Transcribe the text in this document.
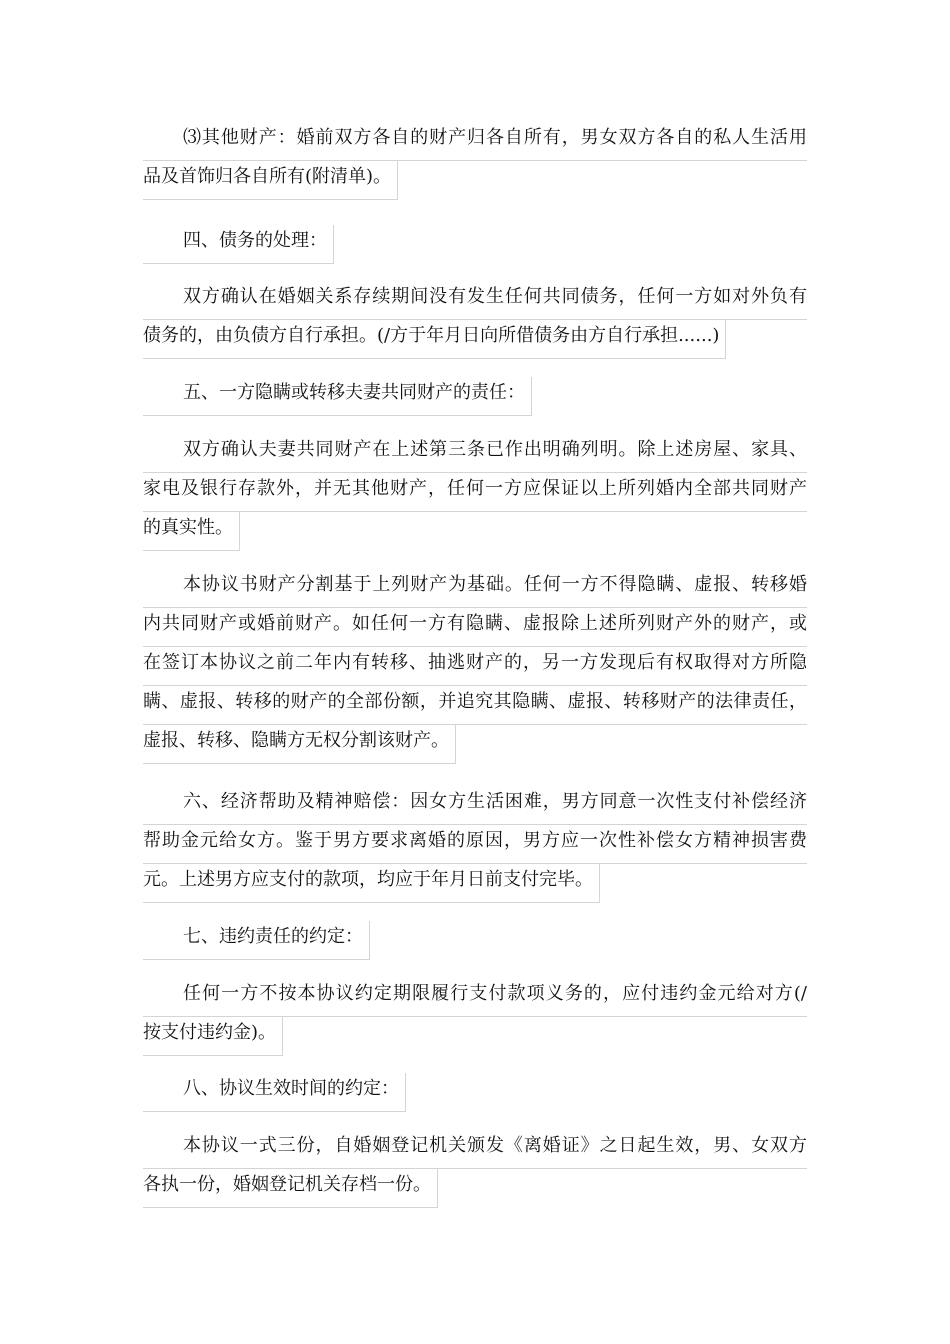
⑶其他财产：婚前双方各自的财产归各自所有，男女双方各自的私人生活用
品及首饰归各自所有(附清单)。
四、债务的处理：
双方确认在婚姻关系存续期间没有发生任何共同债务，任何一方如对外负有
债务的，由负债方自行承担。(/方于年月日向所借债务由方自行承担......)
五、一方隐瞒或转移夫妻共同财产的责任：
双方确认夫妻共同财产在上述第三条已作出明确列明。除上述房屋、家具、
家电及银行存款外，并无其他财产，任何一方应保证以上所列婚内全部共同财产
的真实性。
本协议书财产分割基于上列财产为基础。任何一方不得隐瞒、虚报、转移婚
内共同财产或婚前财产。如任何一方有隐瞒、虚报除上述所列财产外的财产，或
在签订本协议之前二年内有转移、抽逃财产的，另一方发现后有权取得对方所隐
瞒、虚报、转移的财产的全部份额，并追究其隐瞒、虚报、转移财产的法律责任，
虚报、转移、隐瞒方无权分割该财产。
六、经济帮助及精神赔偿：因女方生活困难，男方同意一次性支付补偿经济
帮助金元给女方。鉴于男方要求离婚的原因，男方应一次性补偿女方精神损害费
元。上述男方应支付的款项，均应于年月日前支付完毕。
七、违约责任的约定：
任何一方不按本协议约定期限履行支付款项义务的，应付违约金元给对方(/
按支付违约金)。
八、协议生效时间的约定：
本协议一式三份，自婚姻登记机关颁发《离婚证》之日起生效，男、女双方
各执一份，婚姻登记机关存档一份。
